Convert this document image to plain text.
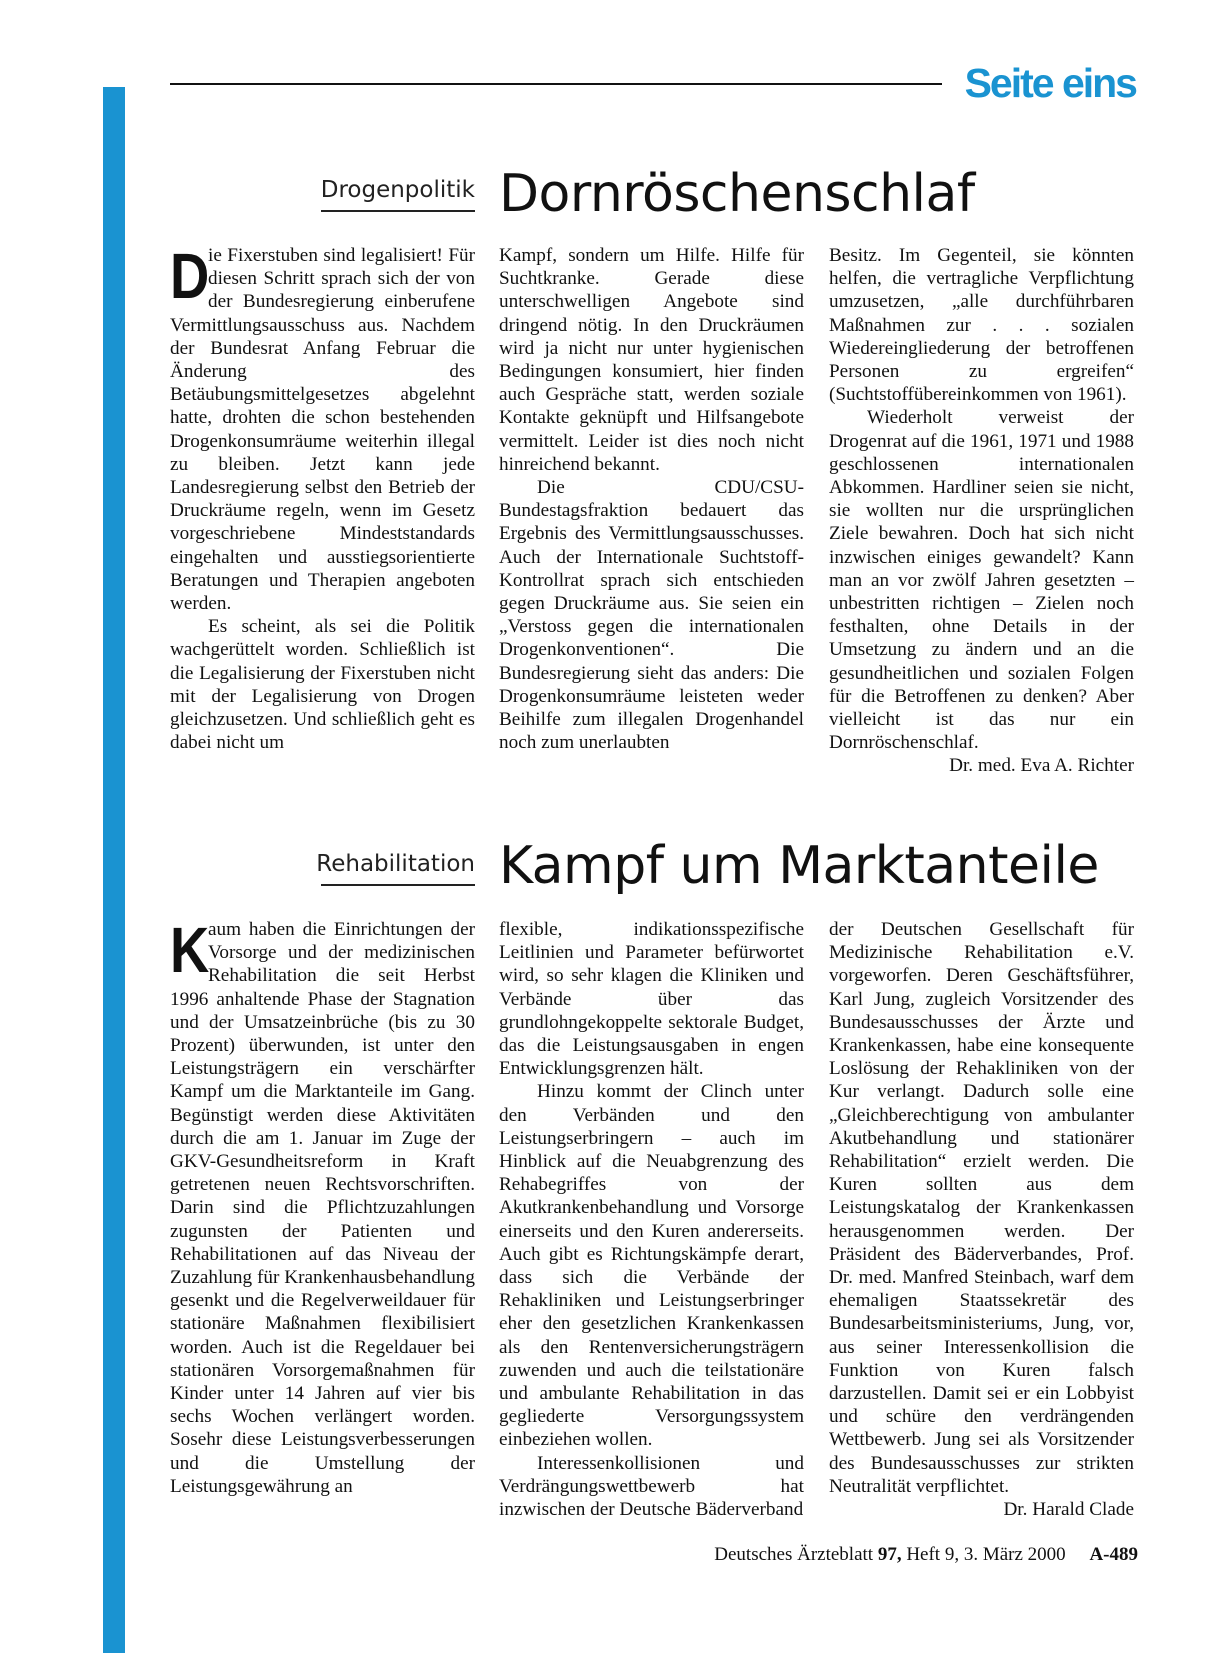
Seite eins
Drogenpolitik Dornröschenschlaf

D
ie Fixerstuben sind legalisiert! Für diesen Schritt sprach sich der von der Bundesregierung einberufene Vermittlungsausschuss aus. Nachdem der Bundesrat Anfang Februar die Änderung des Betäubungsmittelgesetzes abgelehnt hatte, drohten die schon bestehenden Drogenkonsumräume weiterhin illegal zu bleiben. Jetzt kann jede Landesregierung selbst den Betrieb der Druckräume regeln, wenn im Gesetz vorgeschriebene Mindeststandards eingehalten und ausstiegsorientierte Beratungen und Therapien angeboten werden.

Es scheint, als sei die Politik wachgerüttelt worden. Schließlich ist die Legalisierung der Fixerstuben nicht mit der Legalisierung von Drogen gleichzusetzen. Und schließlich geht es dabei nicht um

Kampf, sondern um Hilfe. Hilfe für Suchtkranke. Gerade diese unterschwelligen Angebote sind dringend nötig. In den Druckräumen wird ja nicht nur unter hygienischen Bedingungen konsumiert, hier finden auch Gespräche statt, werden soziale Kontakte geknüpft und Hilfsangebote vermittelt. Leider ist dies noch nicht hinreichend bekannt.

Die CDU/CSU-Bundestagsfraktion bedauert das Ergebnis des Vermittlungsausschusses. Auch der Internationale Suchtstoff-Kontrollrat sprach sich entschieden gegen Druckräume aus. Sie seien ein „Verstoss gegen die internationalen Drogenkonventionen“. Die Bundesregierung sieht das anders: Die Drogenkonsumräume leisteten weder Beihilfe zum illegalen Drogenhandel noch zum unerlaubten

Besitz. Im Gegenteil, sie könnten helfen, die vertragliche Verpflichtung umzusetzen, „alle durchführbaren Maßnahmen zur . . . sozialen Wiedereingliederung der betroffenen Personen zu ergreifen“ (Suchtstoffübereinkommen von 1961).

Wiederholt verweist der Drogenrat auf die 1961, 1971 und 1988 geschlossenen internationalen Abkommen. Hardliner seien sie nicht, sie wollten nur die ursprünglichen Ziele bewahren. Doch hat sich nicht inzwischen einiges gewandelt? Kann man an vor zwölf Jahren gesetzten – unbestritten richtigen – Zielen noch festhalten, ohne Details in der Umsetzung zu ändern und an die gesundheitlichen und sozialen Folgen für die Betroffenen zu denken? Aber vielleicht ist das nur ein Dornröschenschlaf.
Dr. med. Eva A. Richter

Rehabilitation Kampf um Marktanteile

K
aum haben die Einrichtungen der Vorsorge und der medizinischen Rehabilitation die seit Herbst 1996 anhaltende Phase der Stagnation und der Umsatzeinbrüche (bis zu 30 Prozent) überwunden, ist unter den Leistungsträgern ein verschärfter Kampf um die Marktanteile im Gang. Begünstigt werden diese Aktivitäten durch die am 1. Januar im Zuge der GKV-Gesundheitsreform in Kraft getretenen neuen Rechtsvorschriften. Darin sind die Pflichtzuzahlungen zugunsten der Patienten und Rehabilitationen auf das Niveau der Zuzahlung für Krankenhausbehandlung gesenkt und die Regelverweildauer für stationäre Maßnahmen flexibilisiert worden. Auch ist die Regeldauer bei stationären Vorsorgemaßnahmen für Kinder unter 14 Jahren auf vier bis sechs Wochen verlängert worden. Sosehr diese Leistungsverbesserungen und die Umstellung der Leistungsgewährung an

flexible, indikationsspezifische Leitlinien und Parameter befürwortet wird, so sehr klagen die Kliniken und Verbände über das grundlohngekoppelte sektorale Budget, das die Leistungsausgaben in engen Entwicklungsgrenzen hält.

Hinzu kommt der Clinch unter den Verbänden und den Leistungserbringern – auch im Hinblick auf die Neuabgrenzung des Rehabegriffes von der Akutkrankenbehandlung und Vorsorge einerseits und den Kuren andererseits. Auch gibt es Richtungskämpfe derart, dass sich die Verbände der Rehakliniken und Leistungserbringer eher den gesetzlichen Krankenkassen als den Rentenversicherungsträgern zuwenden und auch die teilstationäre und ambulante Rehabilitation in das gegliederte Versorgungssystem einbeziehen wollen.

Interessenkollisionen und Verdrängungswettbewerb hat inzwischen der Deutsche Bäderverband

der Deutschen Gesellschaft für Medizinische Rehabilitation e.V. vorgeworfen. Deren Geschäftsführer, Karl Jung, zugleich Vorsitzender des Bundesausschusses der Ärzte und Krankenkassen, habe eine konsequente Loslösung der Rehakliniken von der Kur verlangt. Dadurch solle eine „Gleichberechtigung von ambulanter Akutbehandlung und stationärer Rehabilitation“ erzielt werden. Die Kuren sollten aus dem Leistungskatalog der Krankenkassen herausgenommen werden. Der Präsident des Bäderverbandes, Prof. Dr. med. Manfred Steinbach, warf dem ehemaligen Staatssekretär des Bundesarbeitsministeriums, Jung, vor, aus seiner Interessenkollision die Funktion von Kuren falsch darzustellen. Damit sei er ein Lobbyist und schüre den verdrängenden Wettbewerb. Jung sei als Vorsitzender des Bundesausschusses zur strikten Neutralität verpflichtet.
Dr. Harald Clade

Deutsches Ärzteblatt 97, Heft 9, 3. März 2000 A-489
